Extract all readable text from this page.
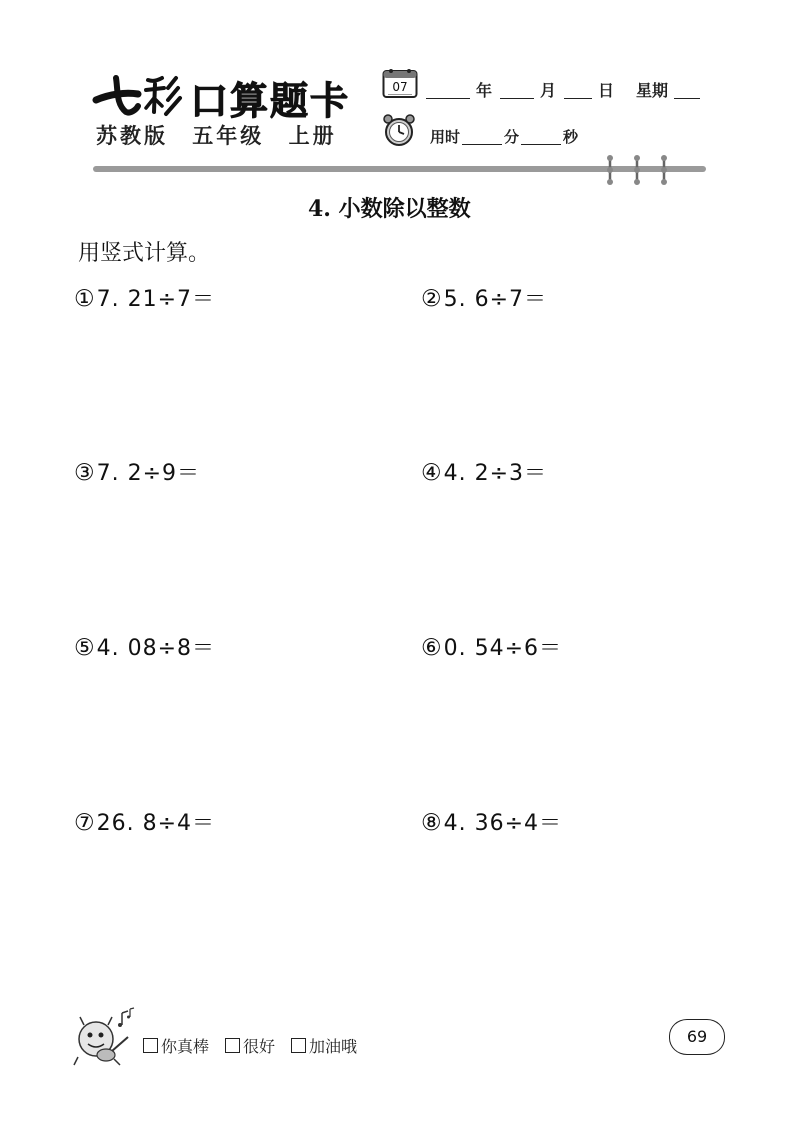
口算题卡
苏教版 五年级 上册
07	年	月	日 星期
用时	分	秒
4. 小数除以整数
用竖式计算。
①7. 21÷7＝	②5. 6÷7＝
③7. 2÷9＝	④4. 2÷3＝
⑤4. 08÷8＝	⑥0. 54÷6＝
⑦26. 8÷4＝	⑧4. 36÷4＝
你真棒 很好 加油哦
69
